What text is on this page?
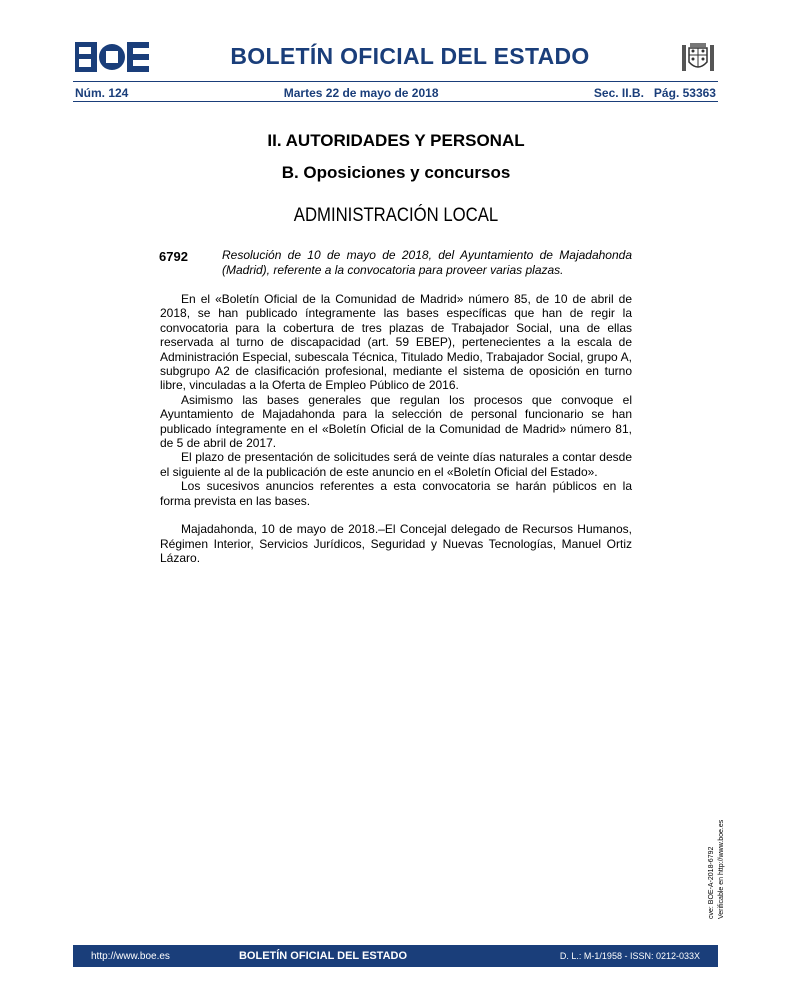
BOLETÍN OFICIAL DEL ESTADO
Núm. 124	Martes 22 de mayo de 2018	Sec. II.B.   Pág. 53363
II. AUTORIDADES Y PERSONAL
B. Oposiciones y concursos
ADMINISTRACIÓN LOCAL
6792	Resolución de 10 de mayo de 2018, del Ayuntamiento de Majadahonda (Madrid), referente a la convocatoria para proveer varias plazas.

En el «Boletín Oficial de la Comunidad de Madrid» número 85, de 10 de abril de 2018, se han publicado íntegramente las bases específicas que han de regir la convocatoria para la cobertura de tres plazas de Trabajador Social, una de ellas reservada al turno de discapacidad (art. 59 EBEP), pertenecientes a la escala de Administración Especial, subescala Técnica, Titulado Medio, Trabajador Social, grupo A, subgrupo A2 de clasificación profesional, mediante el sistema de oposición en turno libre, vinculadas a la Oferta de Empleo Público de 2016.

Asimismo las bases generales que regulan los procesos que convoque el Ayuntamiento de Majadahonda para la selección de personal funcionario se han publicado íntegramente en el «Boletín Oficial de la Comunidad de Madrid» número 81, de 5 de abril de 2017.

El plazo de presentación de solicitudes será de veinte días naturales a contar desde el siguiente al de la publicación de este anuncio en el «Boletín Oficial del Estado».

Los sucesivos anuncios referentes a esta convocatoria se harán públicos en la forma prevista en las bases.

Majadahonda, 10 de mayo de 2018.–El Concejal delegado de Recursos Humanos, Régimen Interior, Servicios Jurídicos, Seguridad y Nuevas Tecnologías, Manuel Ortiz Lázaro.

cve: BOE-A-2018-6792 Verificable en http://www.boe.es
http://www.boe.es	BOLETÍN OFICIAL DEL ESTADO	D. L.: M-1/1958 - ISSN: 0212-033X
